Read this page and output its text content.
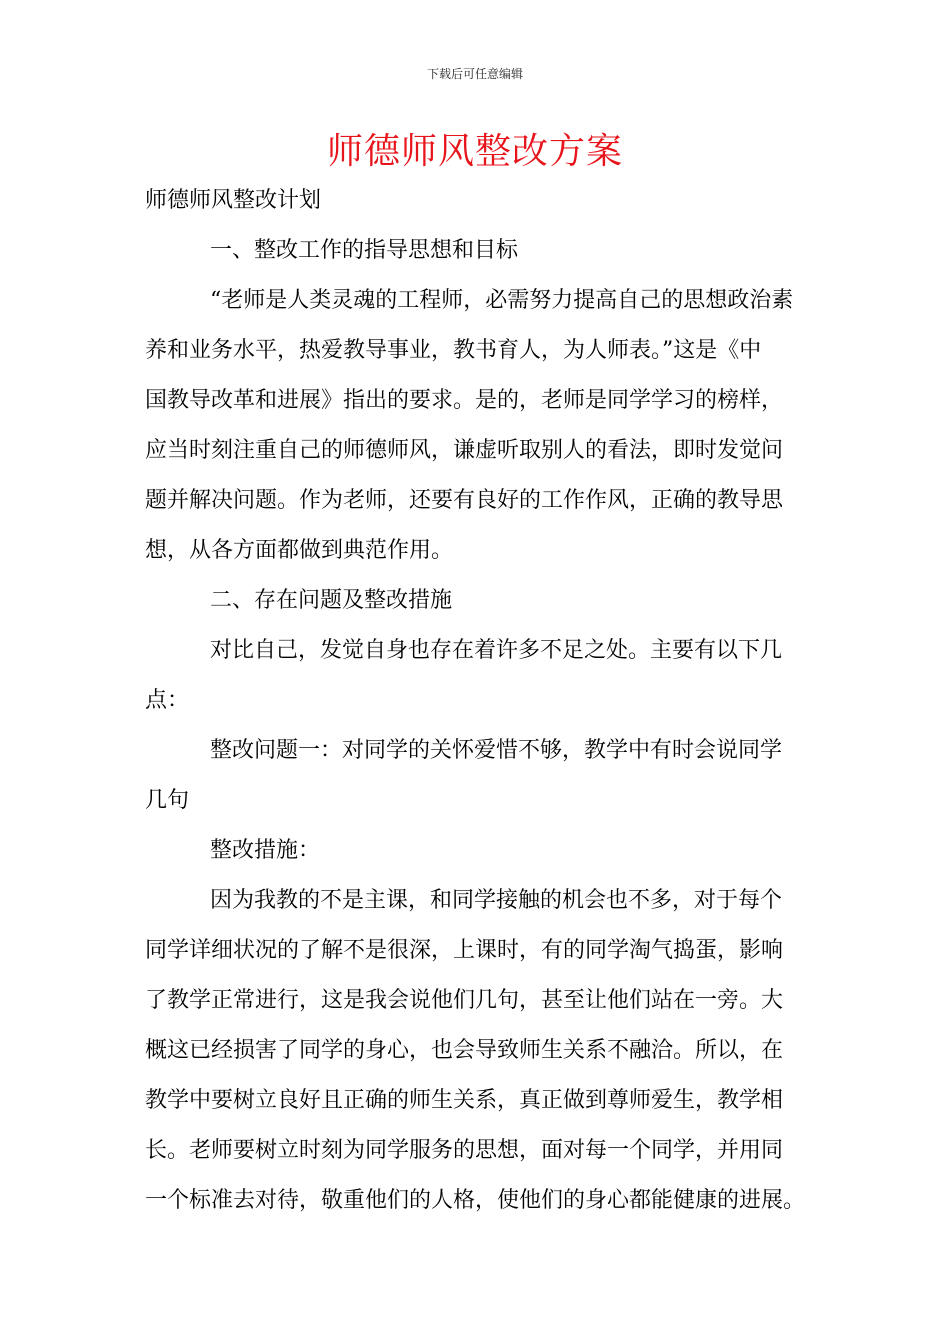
下载后可任意编辑
师德师风整改方案
师德师风整改计划
一、整改工作的指导思想和目标
“老师是人类灵魂的工程师，必需努力提高自己的思想政治素
养和业务水平，热爱教导事业，教书育人，为人师表。”这是《中
国教导改革和进展》指出的要求。是的，老师是同学学习的榜样，
应当时刻注重自己的师德师风，谦虚听取别人的看法，即时发觉问
题并解决问题。作为老师，还要有良好的工作作风，正确的教导思
想，从各方面都做到典范作用。
二、存在问题及整改措施
对比自己，发觉自身也存在着许多不足之处。主要有以下几
点：
整改问题一：对同学的关怀爱惜不够，教学中有时会说同学
几句
整改措施：
因为我教的不是主课，和同学接触的机会也不多，对于每个
同学详细状况的了解不是很深，上课时，有的同学淘气捣蛋，影响
了教学正常进行，这是我会说他们几句，甚至让他们站在一旁。大
概这已经损害了同学的身心，也会导致师生关系不融洽。所以，在
教学中要树立良好且正确的师生关系，真正做到尊师爱生，教学相
长。老师要树立时刻为同学服务的思想，面对每一个同学，并用同
一个标准去对待，敬重他们的人格，使他们的身心都能健康的进展。
